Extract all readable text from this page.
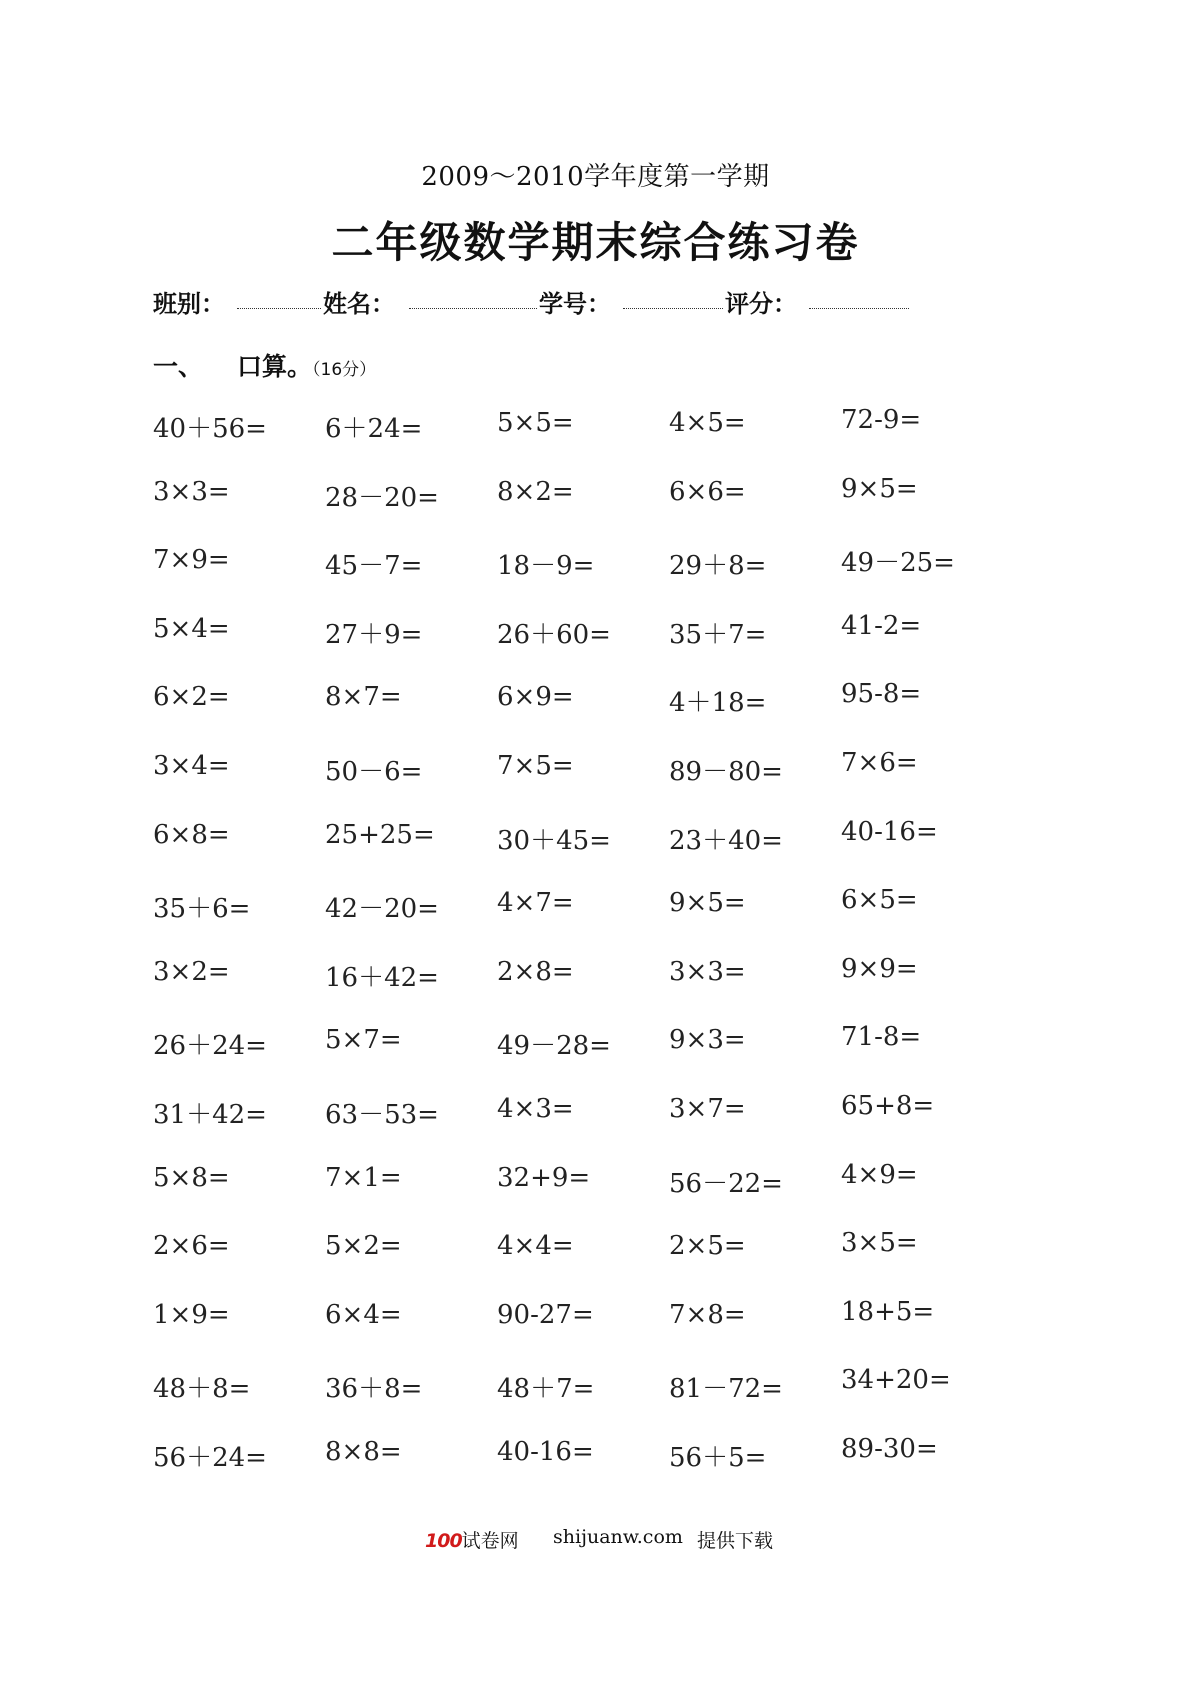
2009～2010学年度第一学期
二年级数学期末综合练习卷
班别：	姓名：	学号：	评分：
一、 口算。（16分）
40＋56= 6＋24=	5×5=	4×5=	72-9=
3×3=	28－20= 8×2=	6×6=	9×5=
7×9=	45－7=	18－9=	29＋8=	49－25=
5×4=	27＋9=	26＋60= 35＋7=	41-2=
6×2=	8×7=	6×9=	4＋18=	95-8=
3×4=	50－6=	7×5=	89－80= 7×6=
6×8=	25+25= 30＋45= 23＋40= 40-16=
35＋6=	42－20= 4×7=	9×5=	6×5=
3×2=	16＋42= 2×8=	3×3=	9×9=
26＋24= 5×7=	49－28= 9×3=	71-8=
31＋42= 63－53= 4×3=	3×7=	65+8=
5×8=	7×1=	32+9=	56－22= 4×9=
2×6=	5×2=	4×4=	2×5=	3×5=
1×9=	6×4=	90-27=	7×8=	18+5=
48＋8=	36＋8=	48＋7=	81－72= 34+20=
56＋24= 8×8=	40-16=	56＋5=	89-30=
100试卷网 shijuanw.com 提供下载
